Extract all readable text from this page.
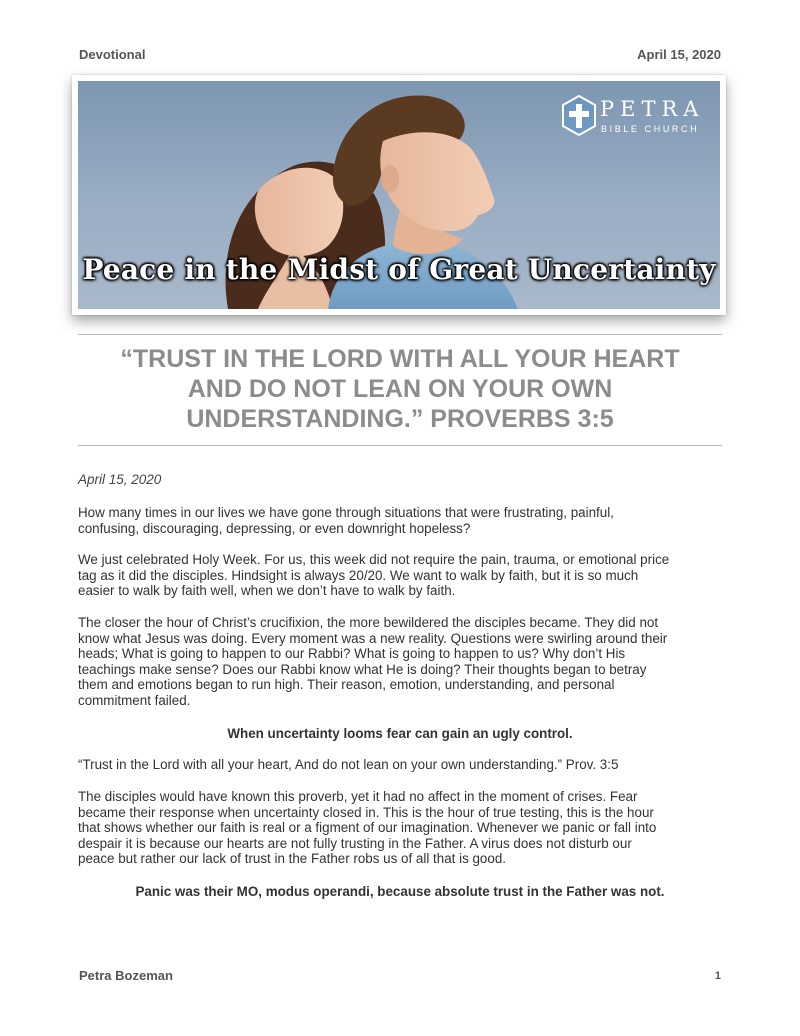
Devotional	April 15, 2020
PETRA
BIBLE CHURCH
Peace in the Midst of Great Uncertainty
“TRUST IN THE LORD WITH ALL YOUR HEART
AND DO NOT LEAN ON YOUR OWN
UNDERSTANDING.” PROVERBS 3:5
April 15, 2020
How many times in our lives we have gone through situations that were frustrating, painful,
confusing, discouraging, depressing, or even downright hopeless?
We just celebrated Holy Week. For us, this week did not require the pain, trauma, or emotional price
tag as it did the disciples. Hindsight is always 20/20. We want to walk by faith, but it is so much
easier to walk by faith well, when we don’t have to walk by faith.
The closer the hour of Christ’s crucifixion, the more bewildered the disciples became. They did not
know what Jesus was doing. Every moment was a new reality. Questions were swirling around their
heads; What is going to happen to our Rabbi? What is going to happen to us? Why don’t His
teachings make sense? Does our Rabbi know what He is doing? Their thoughts began to betray
them and emotions began to run high. Their reason, emotion, understanding, and personal
commitment failed.
When uncertainty looms fear can gain an ugly control.
“Trust in the Lord with all your heart, And do not lean on your own understanding.” Prov. 3:5
The disciples would have known this proverb, yet it had no affect in the moment of crises. Fear
became their response when uncertainty closed in. This is the hour of true testing, this is the hour
that shows whether our faith is real or a figment of our imagination. Whenever we panic or fall into
despair it is because our hearts are not fully trusting in the Father. A virus does not disturb our
peace but rather our lack of trust in the Father robs us of all that is good.
Panic was their MO, modus operandi, because absolute trust in the Father was not.
Petra Bozeman	1
